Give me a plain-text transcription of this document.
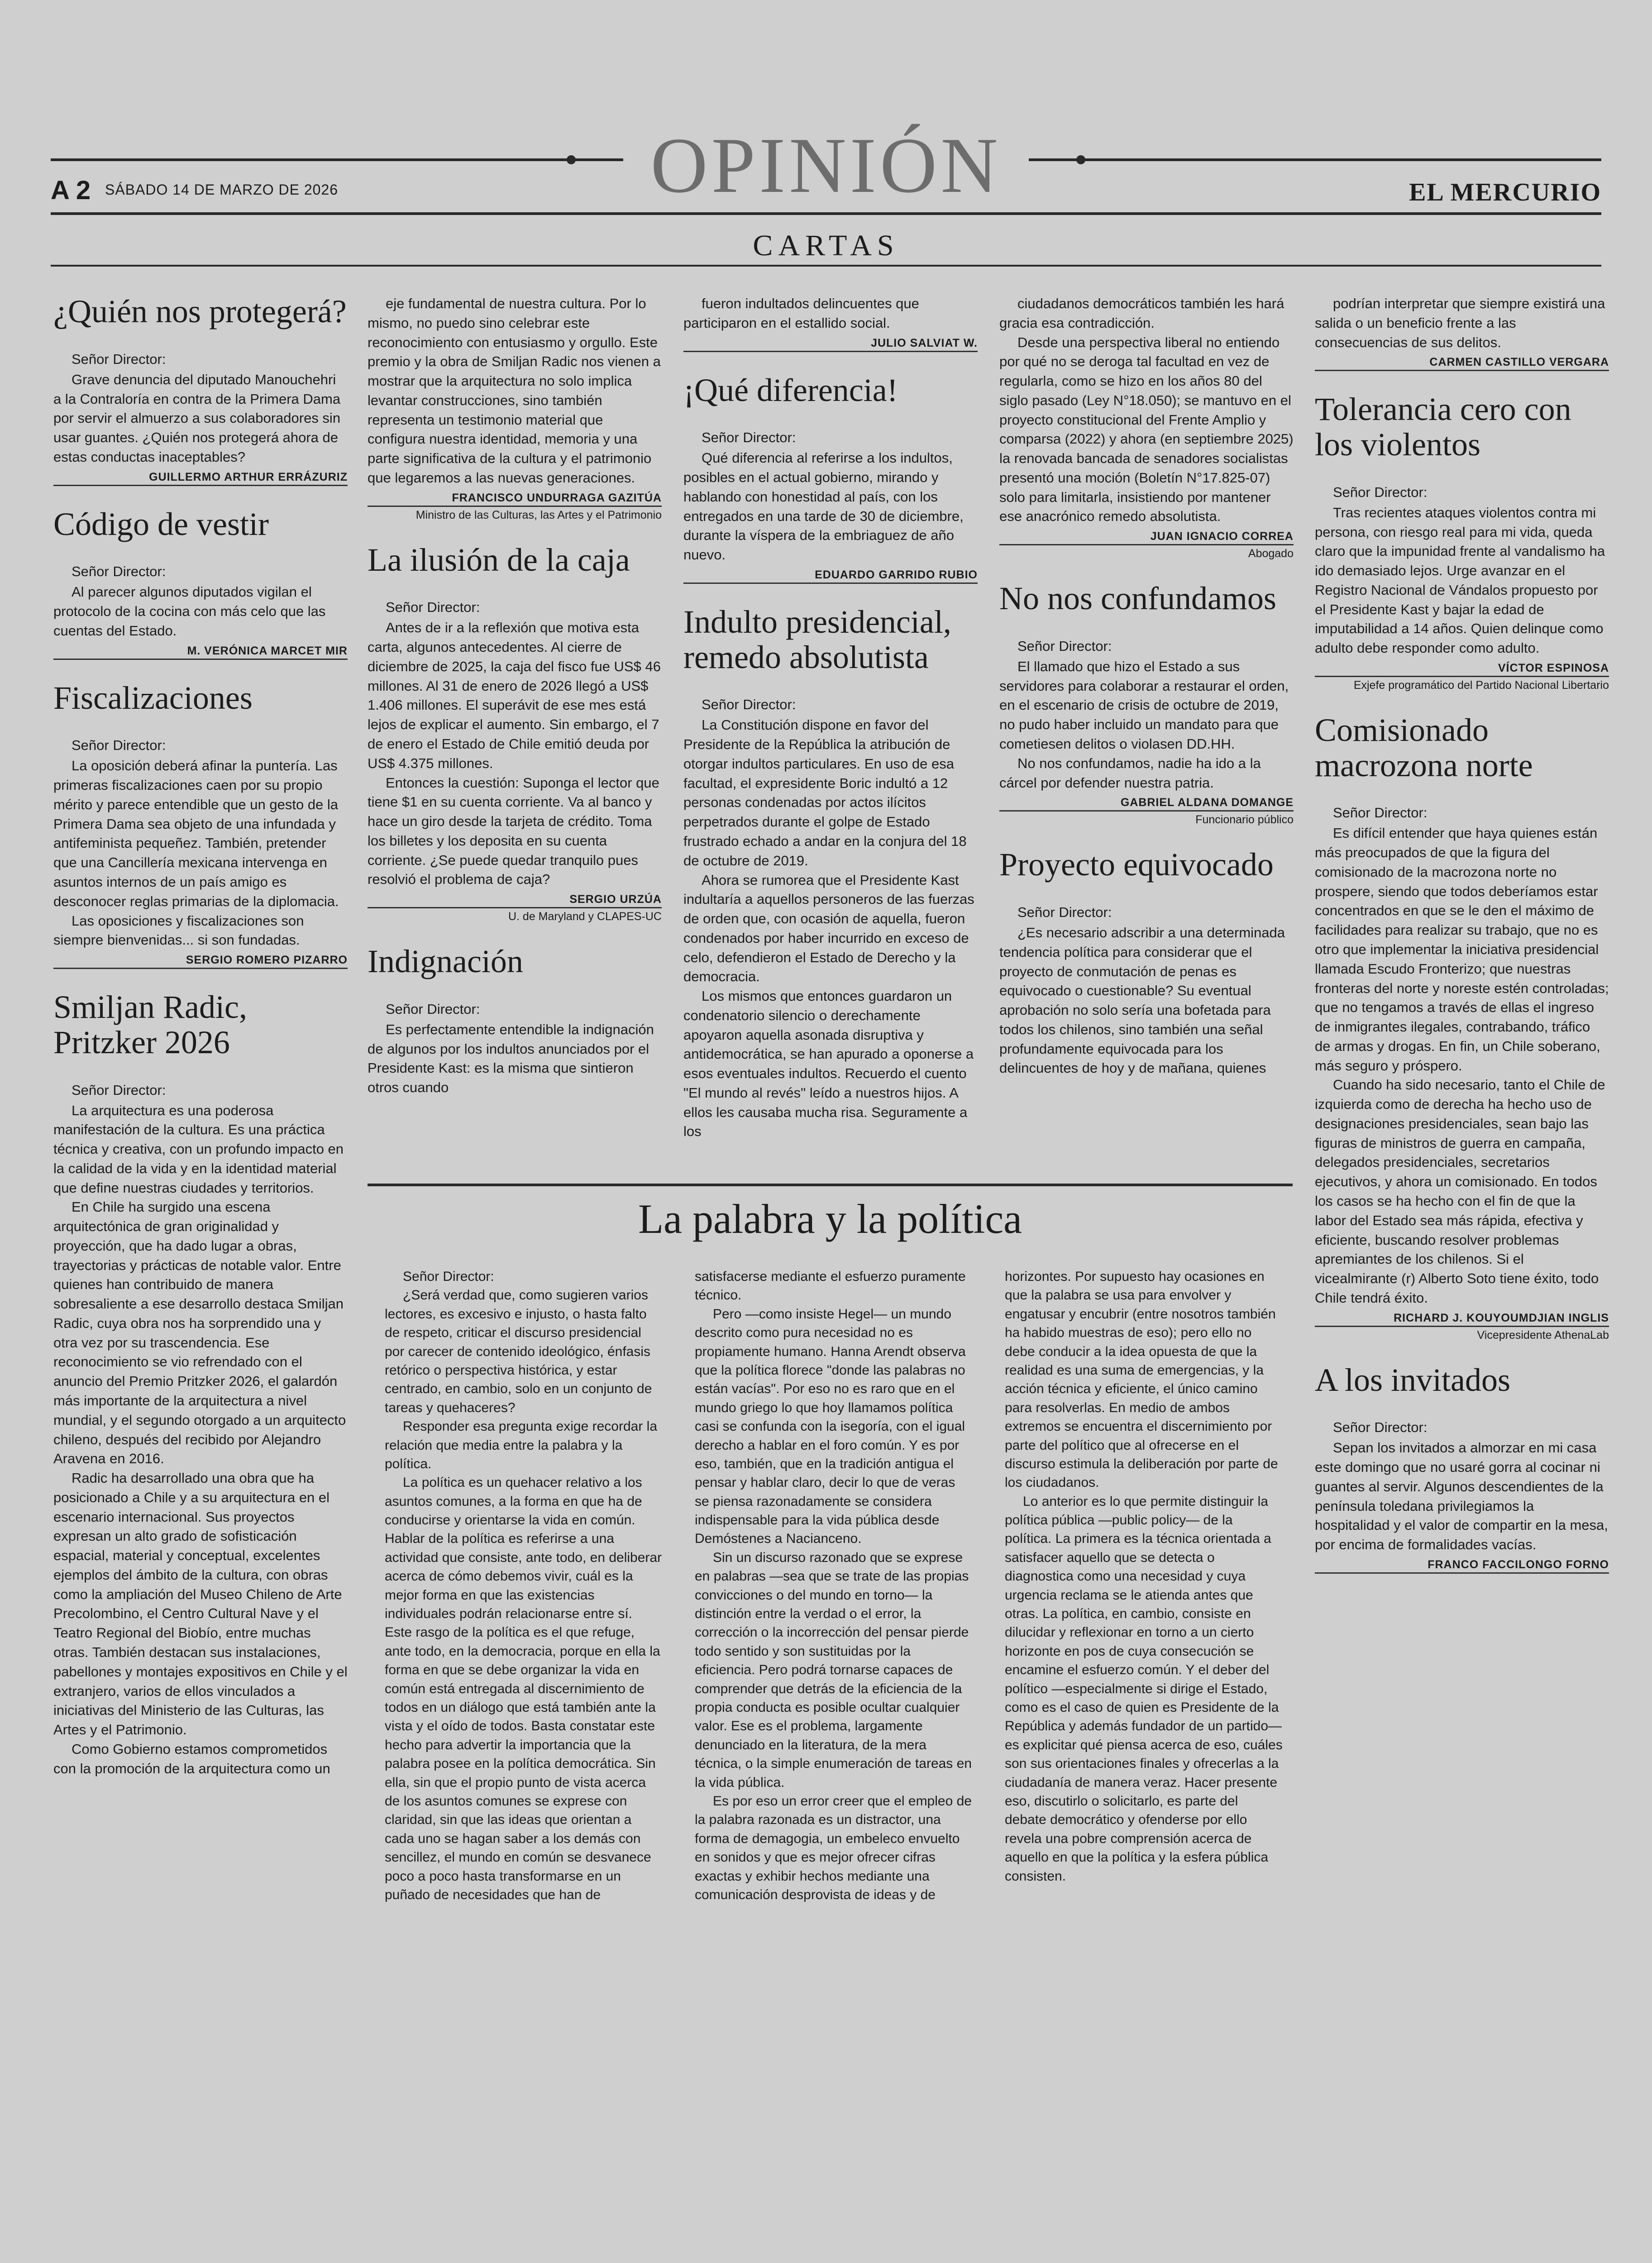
OPINIÓN
A 2 SÁBADO 14 DE MARZO DE 2026	EL MERCURIO
CARTAS
¿Quién nos protegerá?
Señor Director:

Grave denuncia del diputado Manouchehri a la Contraloría en contra de la Primera Dama por servir el almuerzo a sus colaboradores sin usar guantes. ¿Quién nos protegerá ahora de estas conductas inaceptables?

GUILLERMO ARTHUR ERRÁZURIZ
Código de vestir
Señor Director:

Al parecer algunos diputados vigilan el protocolo de la cocina con más celo que las cuentas del Estado.

M. VERÓNICA MARCET MIR
Fiscalizaciones
Señor Director:

La oposición deberá afinar la puntería. Las primeras fiscalizaciones caen por su propio mérito y parece entendible que un gesto de la Primera Dama sea objeto de una infundada y antifeminista pequeñez. También, pretender que una Cancillería mexicana intervenga en asuntos internos de un país amigo es desconocer reglas primarias de la diplomacia.

Las oposiciones y fiscalizaciones son siempre bienvenidas... si son fundadas.

SERGIO ROMERO PIZARRO
Smiljan Radic, Pritzker 2026
Señor Director:

La arquitectura es una poderosa manifestación de la cultura. Es una práctica técnica y creativa, con un profundo impacto en la calidad de la vida y en la identidad material que define nuestras ciudades y territorios.

En Chile ha surgido una escena arquitectónica de gran originalidad y proyección, que ha dado lugar a obras, trayectorias y prácticas de notable valor. Entre quienes han contribuido de manera sobresaliente a ese desarrollo destaca Smiljan Radic, cuya obra nos ha sorprendido una y otra vez por su trascendencia. Ese reconocimiento se vio refrendado con el anuncio del Premio Pritzker 2026, el galardón más importante de la arquitectura a nivel mundial, y el segundo otorgado a un arquitecto chileno, después del recibido por Alejandro Aravena en 2016.

Radic ha desarrollado una obra que ha posicionado a Chile y a su arquitectura en el escenario internacional. Sus proyectos expresan un alto grado de sofisticación espacial, material y conceptual, excelentes ejemplos del ámbito de la cultura, con obras como la ampliación del Museo Chileno de Arte Precolombino, el Centro Cultural Nave y el Teatro Regional del Biobío, entre muchas otras. También destacan sus instalaciones, pabellones y montajes expositivos en Chile y el extranjero, varios de ellos vinculados a iniciativas del Ministerio de las Culturas, las Artes y el Patrimonio.

Como Gobierno estamos comprometidos con la promoción de la arquitectura como un

eje fundamental de nuestra cultura. Por lo mismo, no puedo sino celebrar este reconocimiento con entusiasmo y orgullo. Este premio y la obra de Smiljan Radic nos vienen a mostrar que la arquitectura no solo implica levantar construcciones, sino también representa un testimonio material que configura nuestra identidad, memoria y una parte significativa de la cultura y el patrimonio que legaremos a las nuevas generaciones.

FRANCISCO UNDURRAGA GAZITÚA
Ministro de las Culturas, las Artes y el Patrimonio
La ilusión de la caja
Señor Director:

Antes de ir a la reflexión que motiva esta carta, algunos antecedentes. Al cierre de diciembre de 2025, la caja del fisco fue US$ 46 millones. Al 31 de enero de 2026 llegó a US$ 1.406 millones. El superávit de ese mes está lejos de explicar el aumento. Sin embargo, el 7 de enero el Estado de Chile emitió deuda por US$ 4.375 millones.

Entonces la cuestión: Suponga el lector que tiene $1 en su cuenta corriente. Va al banco y hace un giro desde la tarjeta de crédito. Toma los billetes y los deposita en su cuenta corriente. ¿Se puede quedar tranquilo pues resolvió el problema de caja?

SERGIO URZÚA
U. de Maryland y CLAPES-UC
Indignación
Señor Director:

Es perfectamente entendible la indignación de algunos por los indultos anunciados por el Presidente Kast: es la misma que sintieron otros cuando

fueron indultados delincuentes que participaron en el estallido social.

JULIO SALVIAT W.
¡Qué diferencia!
Señor Director:

Qué diferencia al referirse a los indultos, posibles en el actual gobierno, mirando y hablando con honestidad al país, con los entregados en una tarde de 30 de diciembre, durante la víspera de la embriaguez de año nuevo.

EDUARDO GARRIDO RUBIO
Indulto presidencial, remedo absolutista
Señor Director:

La Constitución dispone en favor del Presidente de la República la atribución de otorgar indultos particulares. En uso de esa facultad, el expresidente Boric indultó a 12 personas condenadas por actos ilícitos perpetrados durante el golpe de Estado frustrado echado a andar en la conjura del 18 de octubre de 2019.

Ahora se rumorea que el Presidente Kast indultaría a aquellos personeros de las fuerzas de orden que, con ocasión de aquella, fueron condenados por haber incurrido en exceso de celo, defendieron el Estado de Derecho y la democracia.

Los mismos que entonces guardaron un condenatorio silencio o derechamente apoyaron aquella asonada disruptiva y antidemocrática, se han apurado a oponerse a esos eventuales indultos. Recuerdo el cuento "El mundo al revés" leído a nuestros hijos. A ellos les causaba mucha risa. Seguramente a los

ciudadanos democráticos también les hará gracia esa contradicción.

Desde una perspectiva liberal no entiendo por qué no se deroga tal facultad en vez de regularla, como se hizo en los años 80 del siglo pasado (Ley N°18.050); se mantuvo en el proyecto constitucional del Frente Amplio y comparsa (2022) y ahora (en septiembre 2025) la renovada bancada de senadores socialistas presentó una moción (Boletín N°17.825-07) solo para limitarla, insistiendo por mantener ese anacrónico remedo absolutista.

JUAN IGNACIO CORREA
Abogado
No nos confundamos
Señor Director:

El llamado que hizo el Estado a sus servidores para colaborar a restaurar el orden, en el escenario de crisis de octubre de 2019, no pudo haber incluido un mandato para que cometiesen delitos o violasen DD.HH.

No nos confundamos, nadie ha ido a la cárcel por defender nuestra patria.

GABRIEL ALDANA DOMANGE
Funcionario público
Proyecto equivocado
Señor Director:

¿Es necesario adscribir a una determinada tendencia política para considerar que el proyecto de conmutación de penas es equivocado o cuestionable? Su eventual aprobación no solo sería una bofetada para todos los chilenos, sino también una señal profundamente equivocada para los delincuentes de hoy y de mañana, quienes

podrían interpretar que siempre existirá una salida o un beneficio frente a las consecuencias de sus delitos.

CARMEN CASTILLO VERGARA
Tolerancia cero con los violentos
Señor Director:

Tras recientes ataques violentos contra mi persona, con riesgo real para mi vida, queda claro que la impunidad frente al vandalismo ha ido demasiado lejos. Urge avanzar en el Registro Nacional de Vándalos propuesto por el Presidente Kast y bajar la edad de imputabilidad a 14 años. Quien delinque como adulto debe responder como adulto.

VÍCTOR ESPINOSA
Exjefe programático del Partido Nacional Libertario
Comisionado macrozona norte
Señor Director:

Es difícil entender que haya quienes están más preocupados de que la figura del comisionado de la macrozona norte no prospere, siendo que todos deberíamos estar concentrados en que se le den el máximo de facilidades para realizar su trabajo, que no es otro que implementar la iniciativa presidencial llamada Escudo Fronterizo; que nuestras fronteras del norte y noreste estén controladas; que no tengamos a través de ellas el ingreso de inmigrantes ilegales, contrabando, tráfico de armas y drogas. En fin, un Chile soberano, más seguro y próspero.

Cuando ha sido necesario, tanto el Chile de izquierda como de derecha ha hecho uso de designaciones presidenciales, sean bajo las figuras de ministros de guerra en campaña, delegados presidenciales, secretarios ejecutivos, y ahora un comisionado. En todos los casos se ha hecho con el fin de que la labor del Estado sea más rápida, efectiva y eficiente, buscando resolver problemas apremiantes de los chilenos. Si el vicealmirante (r) Alberto Soto tiene éxito, todo Chile tendrá éxito.

RICHARD J. KOUYOUMDJIAN INGLIS
Vicepresidente AthenaLab
A los invitados
Señor Director:

Sepan los invitados a almorzar en mi casa este domingo que no usaré gorra al cocinar ni guantes al servir. Algunos descendientes de la península toledana privilegiamos la hospitalidad y el valor de compartir en la mesa, por encima de formalidades vacías.

FRANCO FACCILONGO FORNO
La palabra y la política

Señor Director:

¿Será verdad que, como sugieren varios lectores, es excesivo e injusto, o hasta falto de respeto, criticar el discurso presidencial por carecer de contenido ideológico, énfasis retórico o perspectiva histórica, y estar centrado, en cambio, solo en un conjunto de tareas y quehaceres?

Responder esa pregunta exige recordar la relación que media entre la palabra y la política.

La política es un quehacer relativo a los asuntos comunes, a la forma en que ha de conducirse y orientarse la vida en común. Hablar de la política es referirse a una actividad que consiste, ante todo, en deliberar acerca de cómo debemos vivir, cuál es la mejor forma en que las existencias individuales podrán relacionarse entre sí. Este rasgo de la política es el que refuge, ante todo, en la democracia, porque en ella la forma en que se debe organizar la vida en común está entregada al discernimiento de todos en un diálogo que está también ante la vista y el oído de todos. Basta constatar este hecho para advertir la importancia que la palabra posee en la política democrática. Sin ella, sin que el propio punto de vista acerca de los asuntos comunes se exprese con claridad, sin que las ideas que orientan a cada uno se hagan saber a los demás con sencillez, el mundo en común se desvanece poco a poco hasta transformarse en un puñado de necesidades que han de satisfacerse mediante el esfuerzo puramente técnico.

Pero —como insiste Hegel— un mundo descrito como pura necesidad no es propiamente humano. Hanna Arendt observa que la política florece "donde las palabras no están vacías". Por eso no es raro que en el mundo griego lo que hoy llamamos política casi se confunda con la isegoría, con el igual derecho a hablar en el foro común. Y es por eso, también, que en la tradición antigua el pensar y hablar claro, decir lo que de veras se piensa razonadamente se considera indispensable para la vida pública desde Demóstenes a Nacianceno.

Sin un discurso razonado que se exprese en palabras —sea que se trate de las propias convicciones o del mundo en torno— la distinción entre la verdad o el error, la corrección o la incorrección del pensar pierde todo sentido y son sustituidas por la eficiencia. Pero podrá tornarse capaces de comprender que detrás de la eficiencia de la propia conducta es posible ocultar cualquier valor. Ese es el problema, largamente denunciado en la literatura, de la mera técnica, o la simple enumeración de tareas en la vida pública.

Es por eso un error creer que el empleo de la palabra razonada es un distractor, una forma de demagogia, un embeleco envuelto en sonidos y que es mejor ofrecer cifras exactas y exhibir hechos mediante una comunicación desprovista de ideas y de horizontes. Por supuesto hay ocasiones en que la palabra se usa para envolver y engatusar y encubrir (entre nosotros también ha habido muestras de eso); pero ello no debe conducir a la idea opuesta de que la realidad es una suma de emergencias, y la acción técnica y eficiente, el único camino para resolverlas. En medio de ambos extremos se encuentra el discernimiento por parte del político que al ofrecerse en el discurso estimula la deliberación por parte de los ciudadanos.

Lo anterior es lo que permite distinguir la política pública —public policy— de la política. La primera es la técnica orientada a satisfacer aquello que se detecta o diagnostica como una necesidad y cuya urgencia reclama se le atienda antes que otras. La política, en cambio, consiste en dilucidar y reflexionar en torno a un cierto horizonte en pos de cuya consecución se encamine el esfuerzo común. Y el deber del político —especialmente si dirige el Estado, como es el caso de quien es Presidente de la República y además fundador de un partido— es explicitar qué piensa acerca de eso, cuáles son sus orientaciones finales y ofrecerlas a la ciudadanía de manera veraz. Hacer presente eso, discutirlo o solicitarlo, es parte del debate democrático y ofenderse por ello revela una pobre comprensión acerca de aquello en que la política y la esfera pública consisten.
